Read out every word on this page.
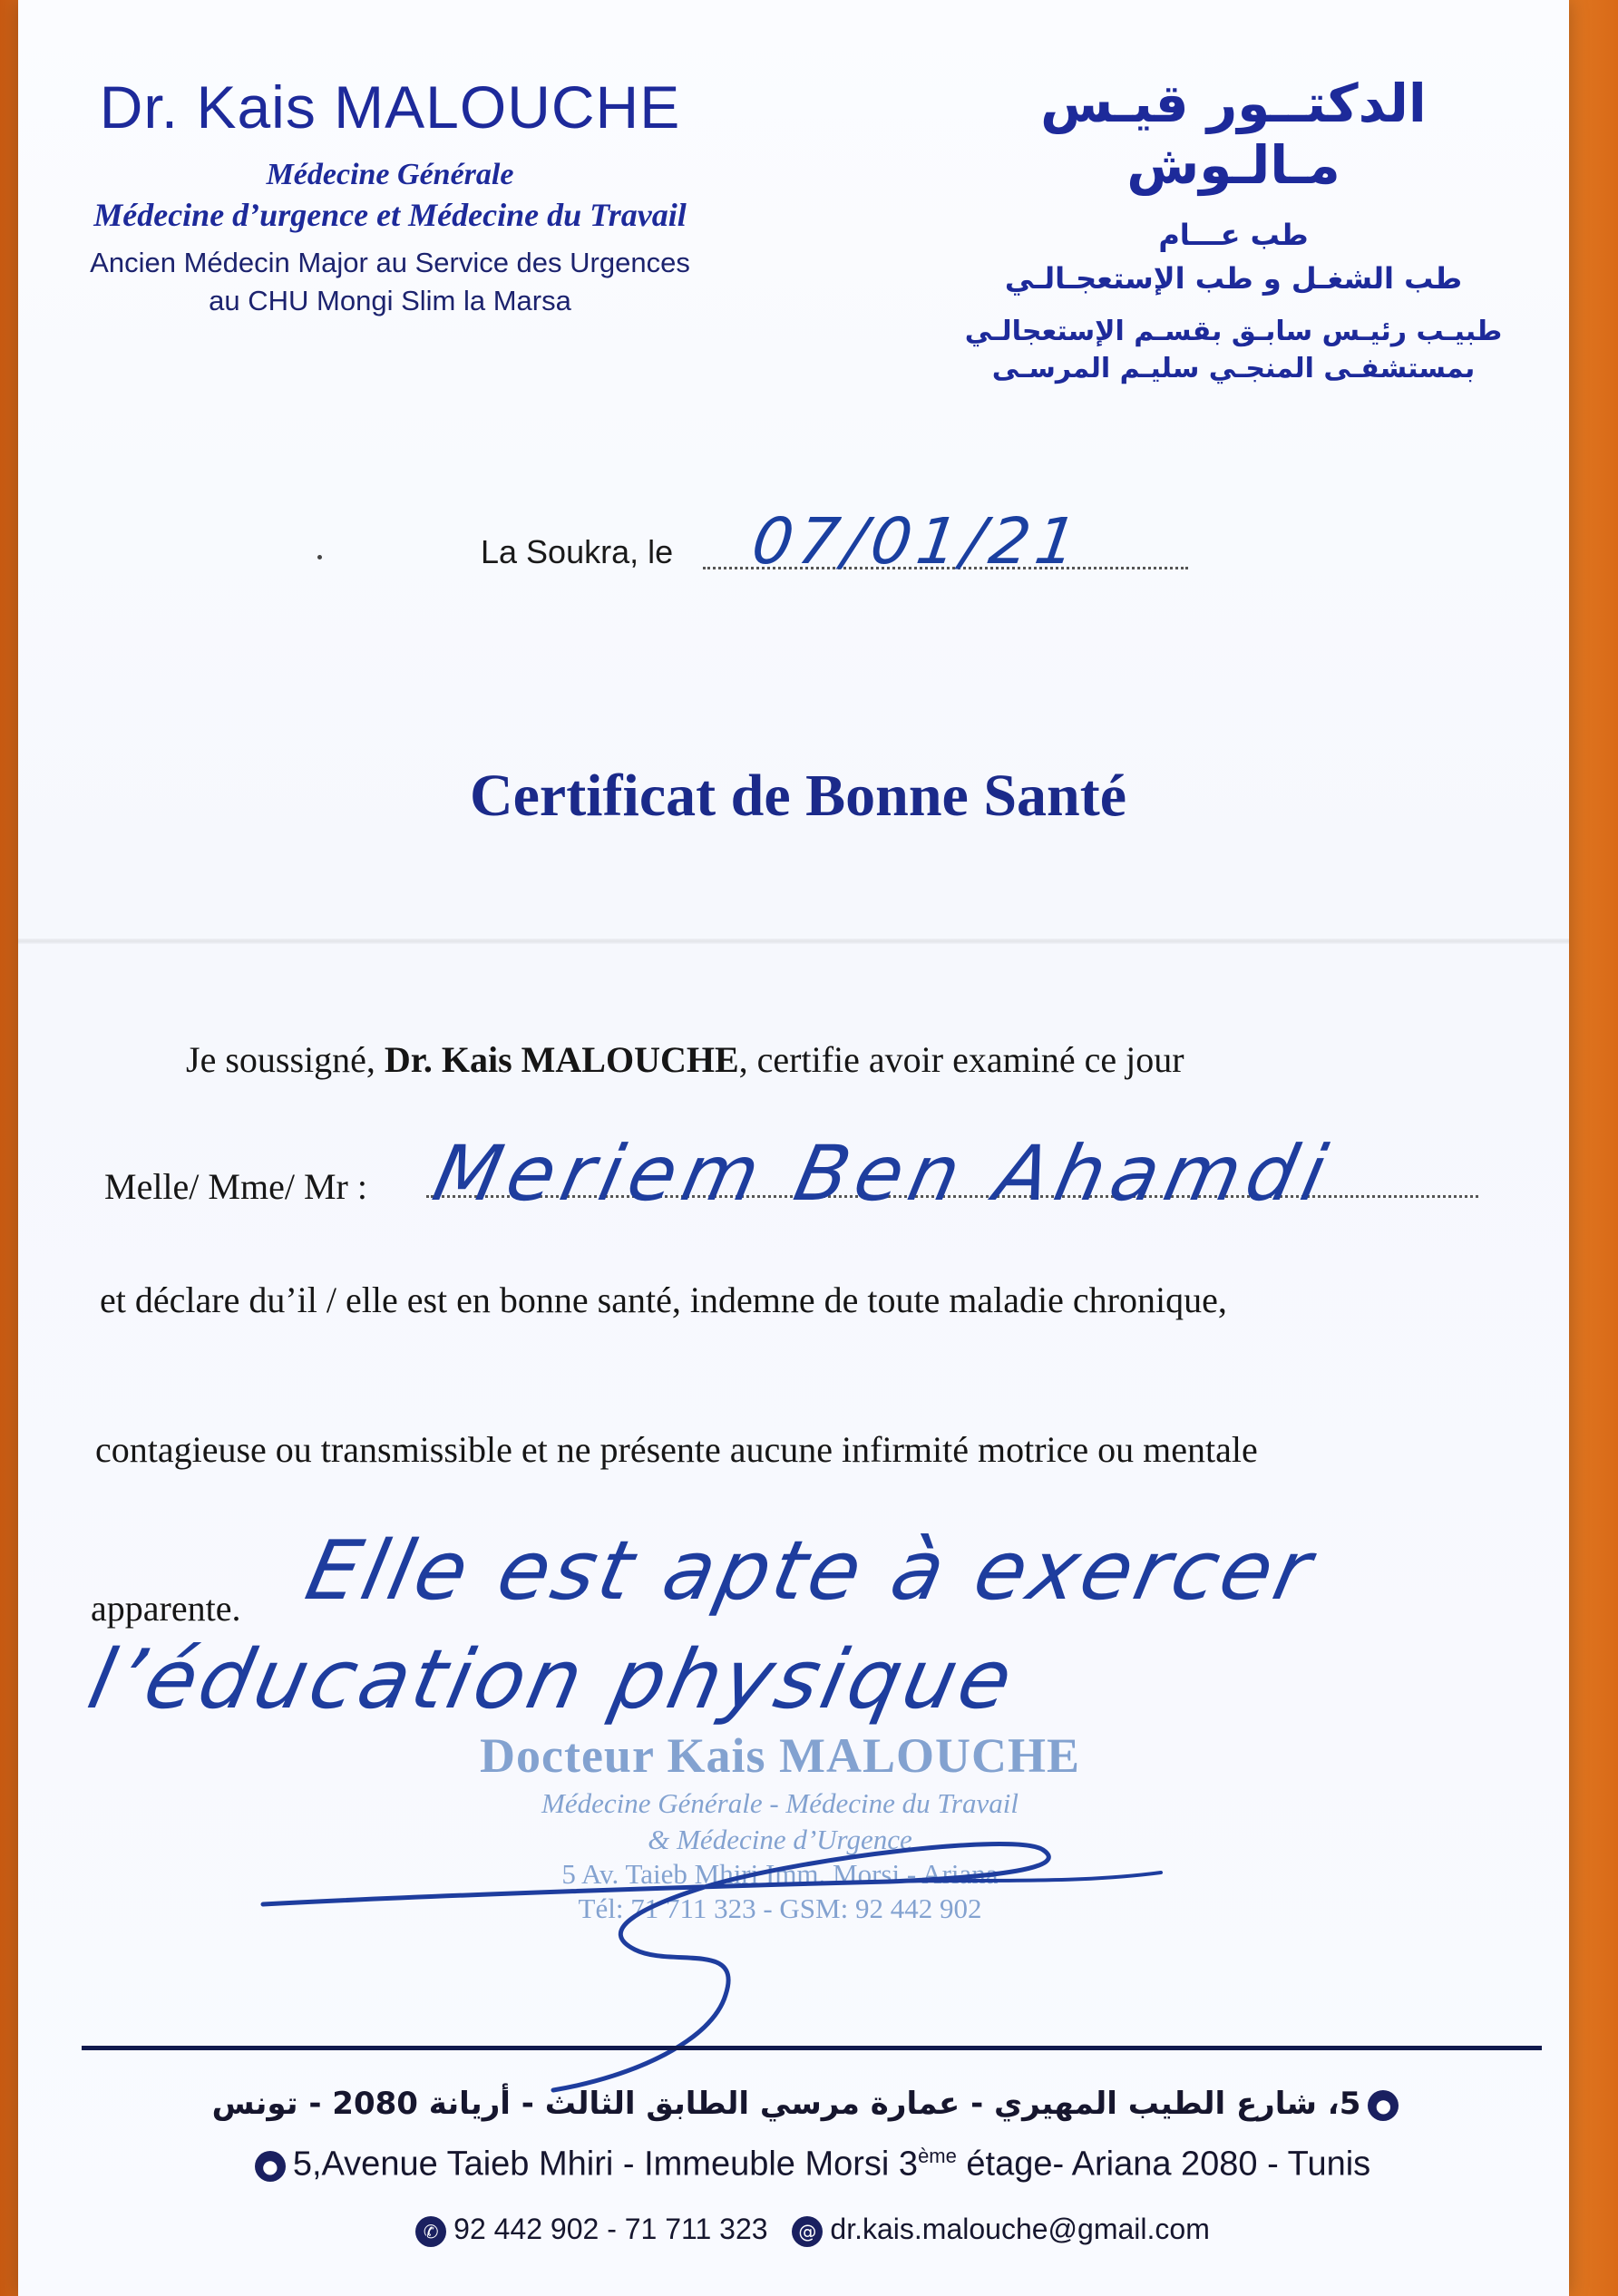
Dr. Kais MALOUCHE
Médecine Générale
Médecine d’urgence et Médecine du Travail
Ancien Médecin Major au Service des Urgences
au CHU Mongi Slim la Marsa
الدكتــور قيـس مـالـوش
طب عـــام
طب الشغـل و طب الإستعجـالـي
طبيـب رئيـس سابـق بقسـم الإستعجالـي
بمستشفـى المنجـي سليـم المرسـى
La Soukra, le 07/01/21
Certificat de Bonne Santé
Je soussigné, Dr. Kais MALOUCHE, certifie avoir examiné ce jour
Melle/ Mme/ Mr : Meriem Ben Ahamdi
et déclare du’il / elle est en bonne santé, indemne de toute maladie chronique,
contagieuse ou transmissible et ne présente aucune infirmité motrice ou mentale
apparente. Elle est apte à exercer
l’éducation physique
Docteur Kais MALOUCHE
Médecine Générale - Médecine du Travail
& Médecine d’Urgence
5 Av. Taieb Mhiri Imm. Morsi - Ariana
Tél: 71 711 323 - GSM: 92 442 902
●5، شارع الطيب المهيري - عمارة مرسي الطابق الثالث - أريانة 2080 - تونس
● 5,Avenue Taieb Mhiri - Immeuble Morsi 3ème étage- Ariana 2080 - Tunis
✆ 92 442 902 - 71 711 323 @ dr.kais.malouche@gmail.com
